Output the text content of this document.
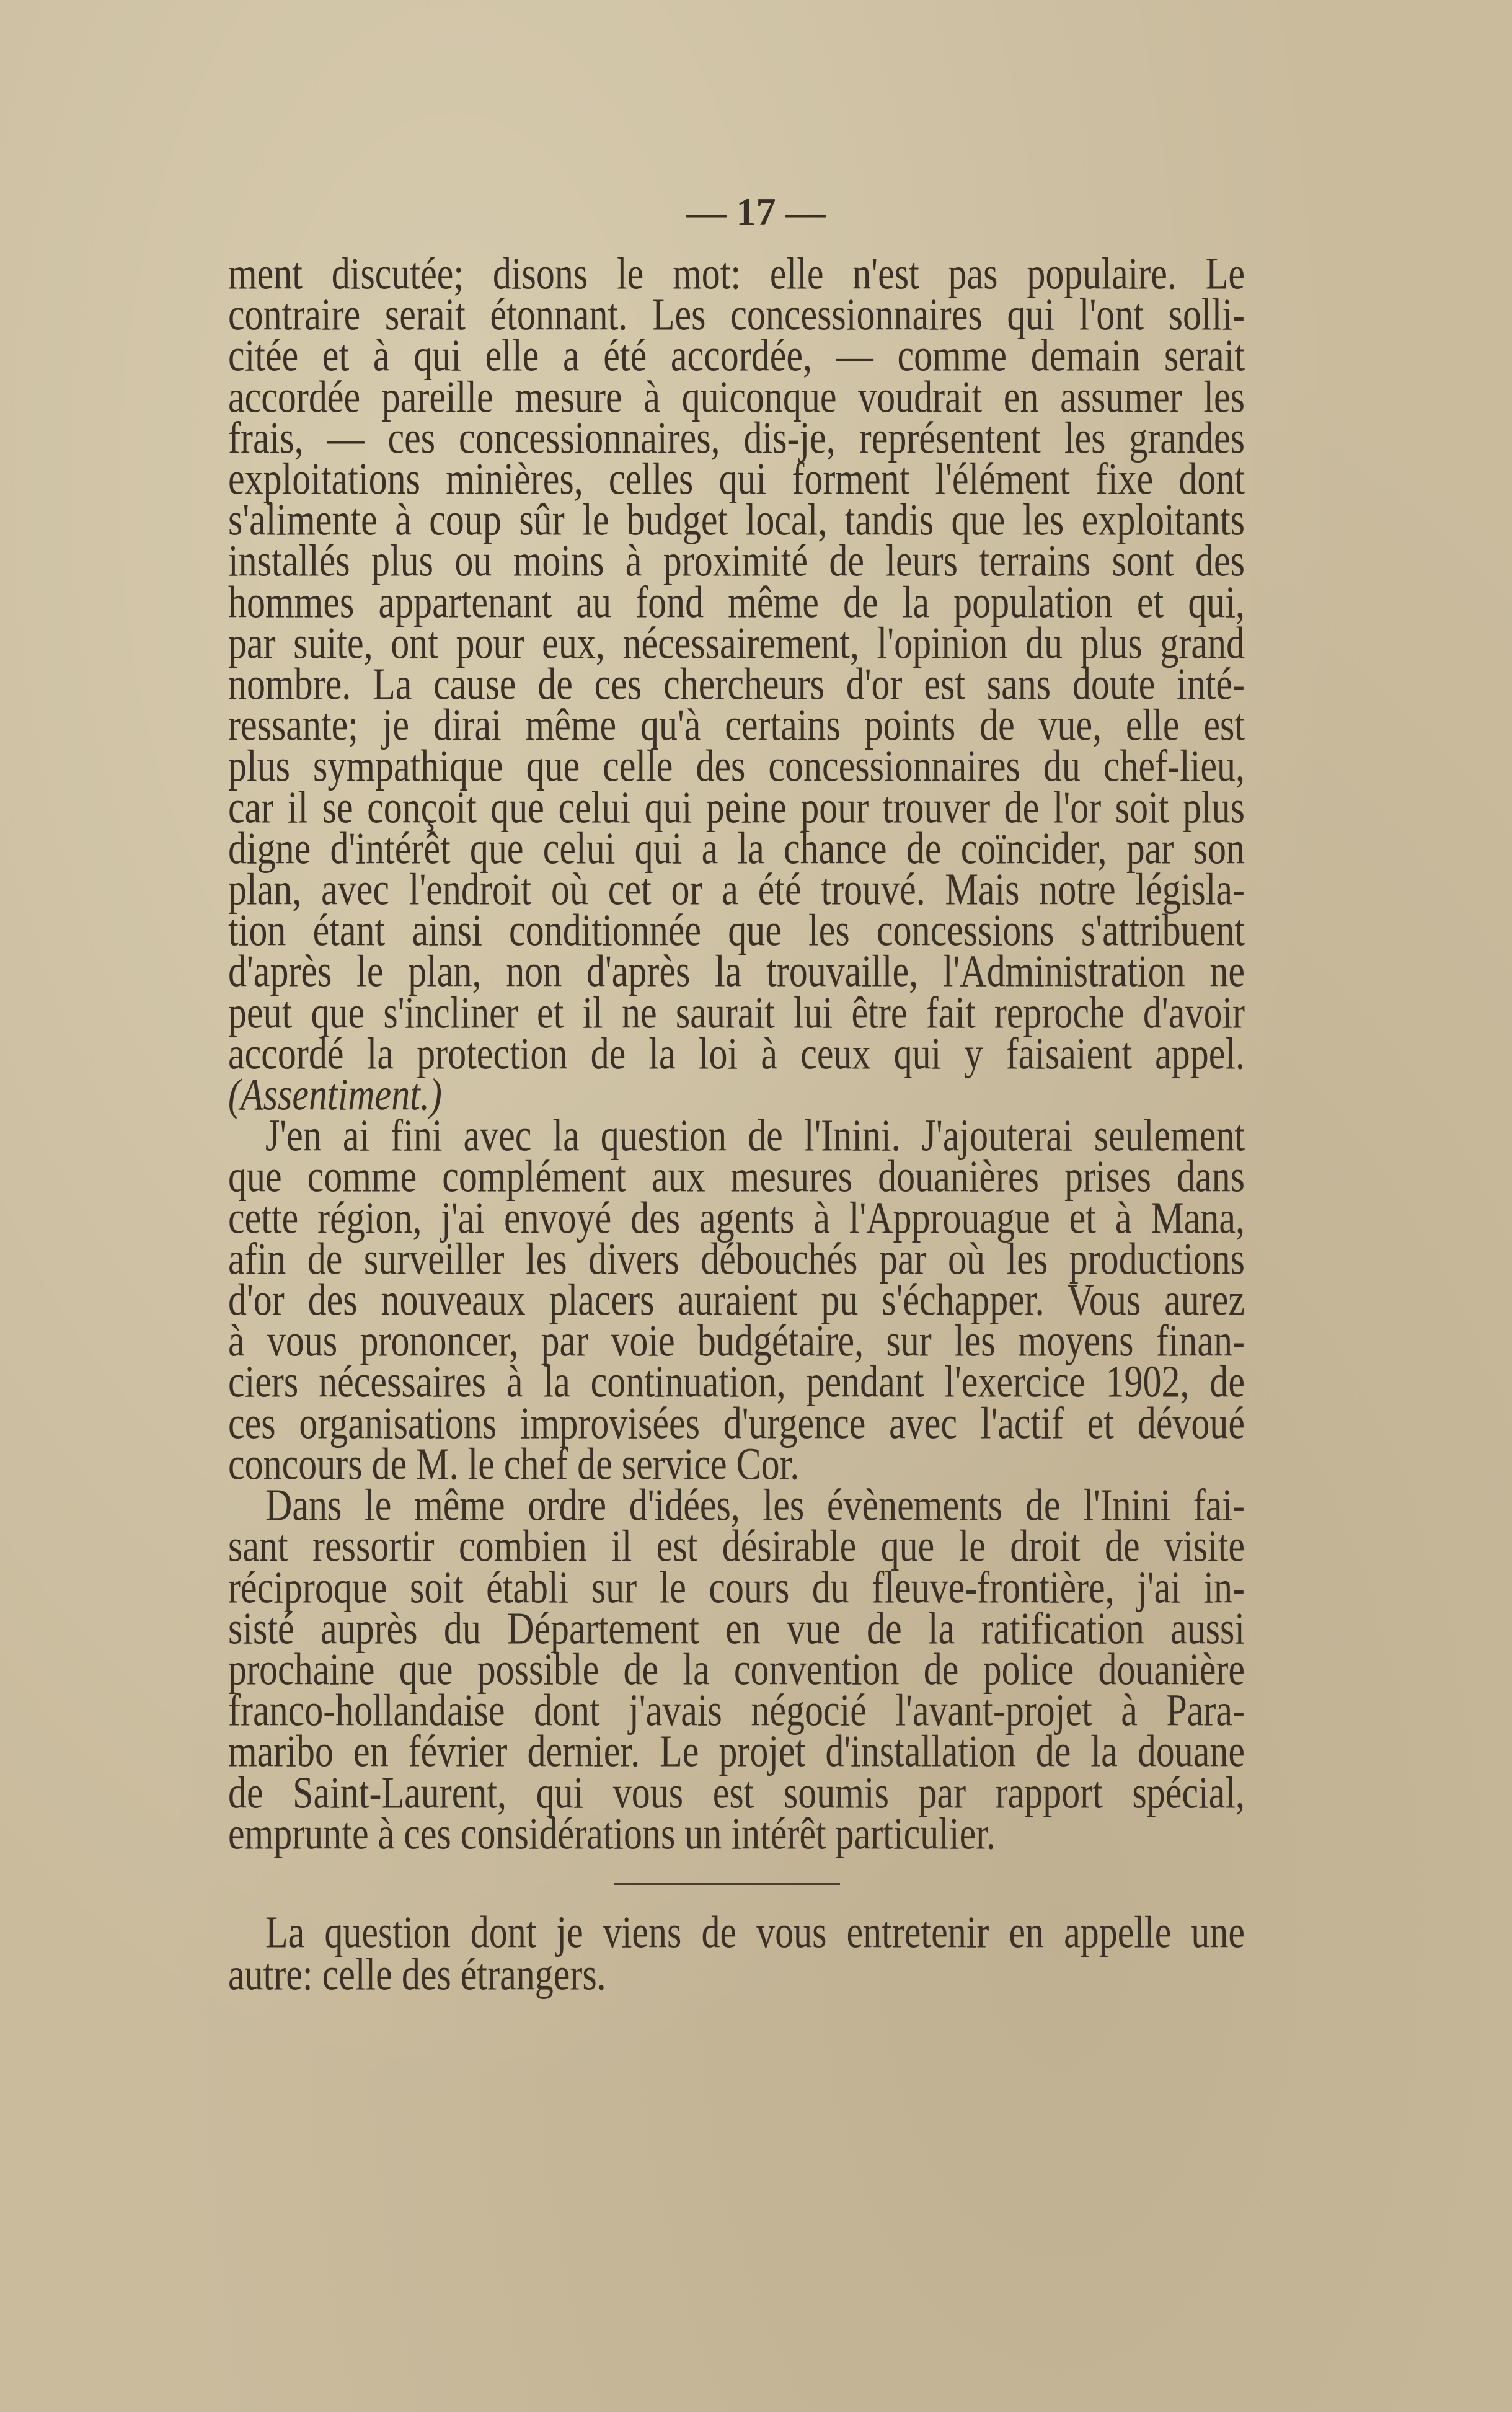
— 17 —
ment discutée; disons le mot: elle n'est pas populaire. Le
contraire serait étonnant. Les concessionnaires qui l'ont solli-
citée et à qui elle a été accordée, — comme demain serait
accordée pareille mesure à quiconque voudrait en assumer les
frais, — ces concessionnaires, dis-je, représentent les grandes
exploitations minières, celles qui forment l'élément fixe dont
s'alimente à coup sûr le budget local, tandis que les exploitants
installés plus ou moins à proximité de leurs terrains sont des
hommes appartenant au fond même de la population et qui,
par suite, ont pour eux, nécessairement, l'opinion du plus grand
nombre. La cause de ces chercheurs d'or est sans doute inté-
ressante; je dirai même qu'à certains points de vue, elle est
plus sympathique que celle des concessionnaires du chef-lieu,
car il se conçoit que celui qui peine pour trouver de l'or soit plus
digne d'intérêt que celui qui a la chance de coïncider, par son
plan, avec l'endroit où cet or a été trouvé. Mais notre législa-
tion étant ainsi conditionnée que les concessions s'attribuent
d'après le plan, non d'après la trouvaille, l'Administration ne
peut que s'incliner et il ne saurait lui être fait reproche d'avoir
accordé la protection de la loi à ceux qui y faisaient appel.
(Assentiment.)
J'en ai fini avec la question de l'Inini. J'ajouterai seulement
que comme complément aux mesures douanières prises dans
cette région, j'ai envoyé des agents à l'Approuague et à Mana,
afin de surveiller les divers débouchés par où les productions
d'or des nouveaux placers auraient pu s'échapper. Vous aurez
à vous prononcer, par voie budgétaire, sur les moyens finan-
ciers nécessaires à la continuation, pendant l'exercice 1902, de
ces organisations improvisées d'urgence avec l'actif et dévoué
concours de M. le chef de service Cor.
Dans le même ordre d'idées, les évènements de l'Inini fai-
sant ressortir combien il est désirable que le droit de visite
réciproque soit établi sur le cours du fleuve-frontière, j'ai in-
sisté auprès du Département en vue de la ratification aussi
prochaine que possible de la convention de police douanière
franco-hollandaise dont j'avais négocié l'avant-projet à Para-
maribo en février dernier. Le projet d'installation de la douane
de Saint-Laurent, qui vous est soumis par rapport spécial,
emprunte à ces considérations un intérêt particulier.
La question dont je viens de vous entretenir en appelle une
autre: celle des étrangers.
